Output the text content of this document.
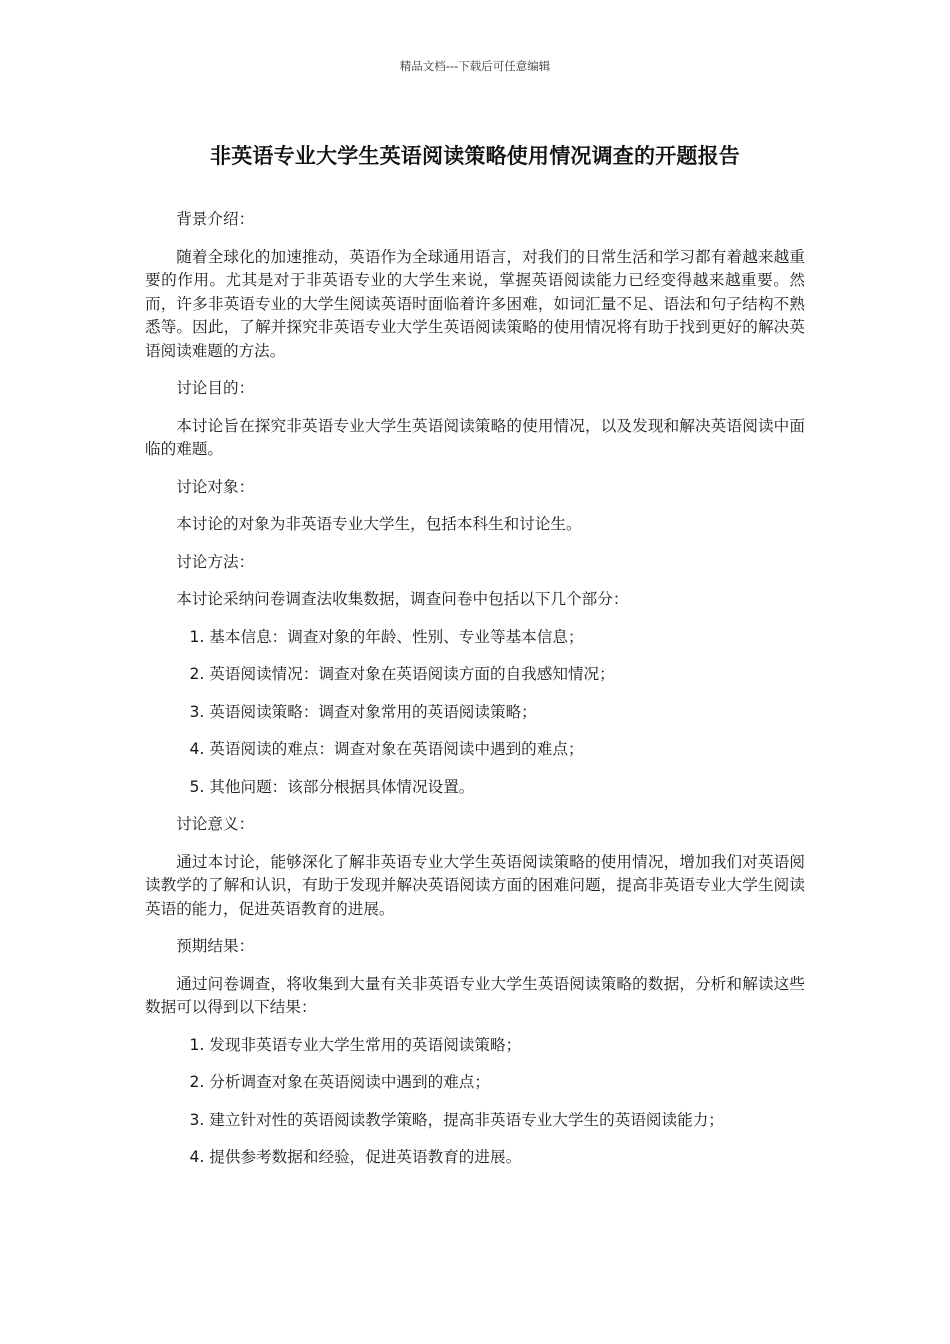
精品文档---下载后可任意编辑
非英语专业大学生英语阅读策略使用情况调查的开题报告

背景介绍：

随着全球化的加速推动，英语作为全球通用语言，对我们的日常生活和学习都有着越来越重要的作用。尤其是对于非英语专业的大学生来说，掌握英语阅读能力已经变得越来越重要。然而，许多非英语专业的大学生阅读英语时面临着许多困难，如词汇量不足、语法和句子结构不熟悉等。因此，了解并探究非英语专业大学生英语阅读策略的使用情况将有助于找到更好的解决英语阅读难题的方法。

讨论目的：

本讨论旨在探究非英语专业大学生英语阅读策略的使用情况，以及发现和解决英语阅读中面临的难题。

讨论对象：

本讨论的对象为非英语专业大学生，包括本科生和讨论生。

讨论方法：

本讨论采纳问卷调查法收集数据，调查问卷中包括以下几个部分：

1. 基本信息：调查对象的年龄、性别、专业等基本信息；

2. 英语阅读情况：调查对象在英语阅读方面的自我感知情况；

3. 英语阅读策略：调查对象常用的英语阅读策略；

4. 英语阅读的难点：调查对象在英语阅读中遇到的难点；

5. 其他问题：该部分根据具体情况设置。

讨论意义：

通过本讨论，能够深化了解非英语专业大学生英语阅读策略的使用情况，增加我们对英语阅读教学的了解和认识，有助于发现并解决英语阅读方面的困难问题，提高非英语专业大学生阅读英语的能力，促进英语教育的进展。

预期结果：

通过问卷调查，将收集到大量有关非英语专业大学生英语阅读策略的数据，分析和解读这些数据可以得到以下结果：

1. 发现非英语专业大学生常用的英语阅读策略；

2. 分析调查对象在英语阅读中遇到的难点；

3. 建立针对性的英语阅读教学策略，提高非英语专业大学生的英语阅读能力；

4. 提供参考数据和经验，促进英语教育的进展。
